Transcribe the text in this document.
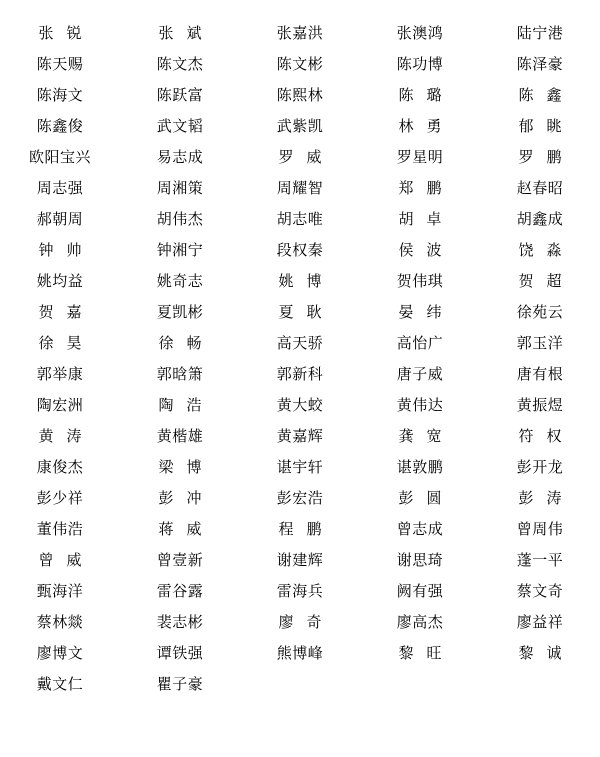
张锐	张斌	张嘉洪	张澳鸿	陆宁港
陈天赐	陈文杰	陈文彬	陈功博	陈泽豪
陈海文	陈跃富	陈熙林	陈璐	陈鑫
陈鑫俊	武文韬	武紫凯	林勇	郁眺
欧阳宝兴	易志成	罗威	罗星明	罗鹏
周志强	周湘策	周耀智	郑鹏	赵春昭
郝朝周	胡伟杰	胡志唯	胡卓	胡鑫成
钟帅	钟湘宁	段权秦	侯波	饶淼
姚均益	姚奇志	姚博	贺伟琪	贺超
贺嘉	夏凯彬	夏耿	晏纬	徐苑云
徐昊	徐畅	高天骄	高怡广	郭玉洋
郭举康	郭晗箫	郭新科	唐子威	唐有根
陶宏洲	陶浩	黄大蛟	黄伟达	黄振煜
黄涛	黄楷雄	黄嘉辉	龚宽	符权
康俊杰	梁博	谌宇轩	谌敦鹏	彭开龙
彭少祥	彭冲	彭宏浩	彭圆	彭涛
董伟浩	蒋威	程鹏	曾志成	曾周伟
曾威	曾壹新	谢建辉	谢思琦	蓬一平
甄海洋	雷谷露	雷海兵	阙有强	蔡文奇
蔡林燚	裴志彬	廖奇	廖高杰	廖益祥
廖博文	谭铁强	熊博峰	黎旺	黎诚
戴文仁	瞿子豪
